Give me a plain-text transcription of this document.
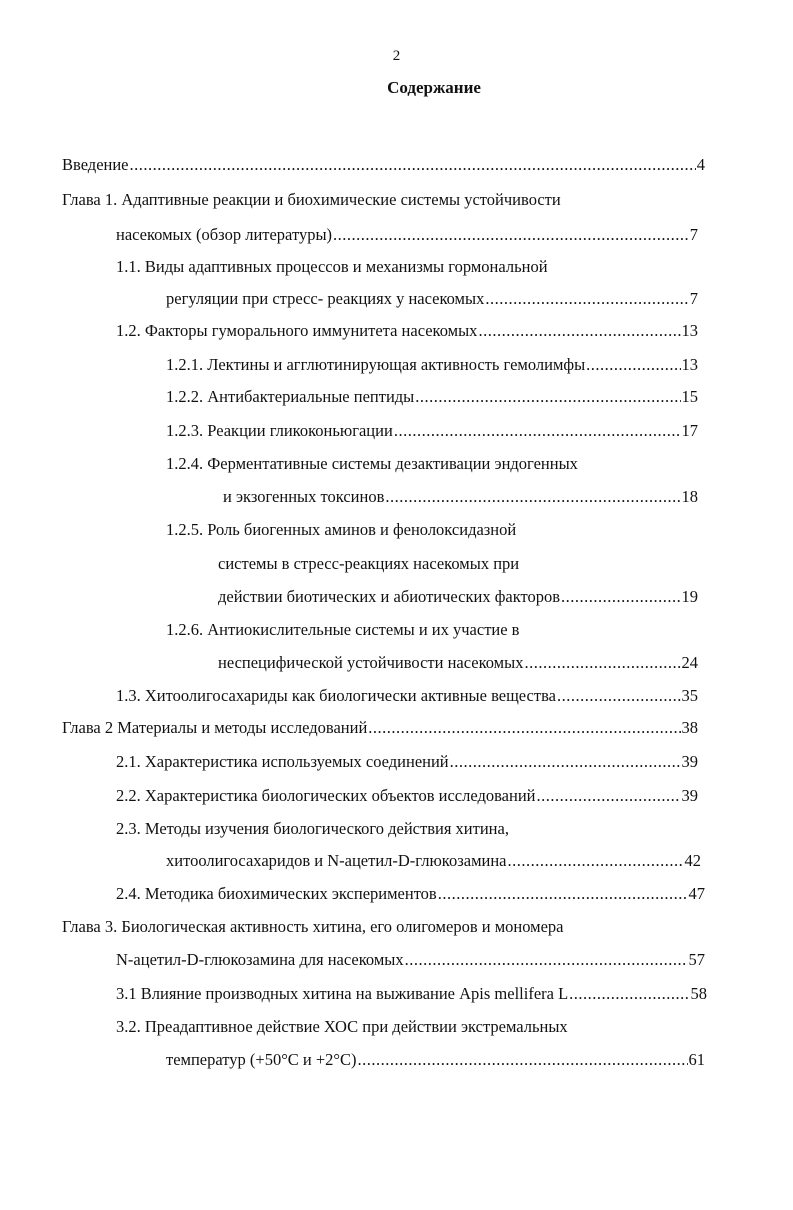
2
Содержание
Введение .....	4
Глава 1. Адаптивные реакции и биохимические системы устойчивости
насекомых (обзор литературы) .....	7
1.1. Виды адаптивных процессов и механизмы гормональной
регуляции при стресс- реакциях у насекомых .....	7
1.2. Факторы гуморального иммунитета насекомых .....	13
1.2.1. Лектины и агглютинирующая активность гемолимфы .....	13
1.2.2. Антибактериальные пептиды .....	15
1.2.3. Реакции гликоконьюгации .....	17
1.2.4. Ферментативные системы дезактивации эндогенных
и экзогенных токсинов .....	18
1.2.5. Роль биогенных аминов и фенолоксидазной
системы в стресс-реакциях насекомых при
действии биотических и абиотических факторов .....	19
1.2.6. Антиокислительные системы и их участие в
неспецифической устойчивости насекомых .....	24
1.3. Хитоолигосахариды как биологически активные вещества .....	35
Глава 2 Материалы и методы исследований .....	38
2.1. Характеристика используемых соединений .....	39
2.2. Характеристика биологических объектов исследований .....	39
2.3. Методы изучения биологического действия хитина,
хитоолигосахаридов и N-ацетил-D-глюкозамина .....	42
2.4. Методика биохимических экспериментов .....	47
Глава 3. Биологическая активность хитина, его олигомеров и мономера
N-ацетил-D-глюкозамина для насекомых .....	57
3.1 Влияние производных хитина на выживание Apis mellifera L .....	58
3.2. Преадаптивное действие ХОС при действии экстремальных
температур (+50°С и +2°С) .....	61
